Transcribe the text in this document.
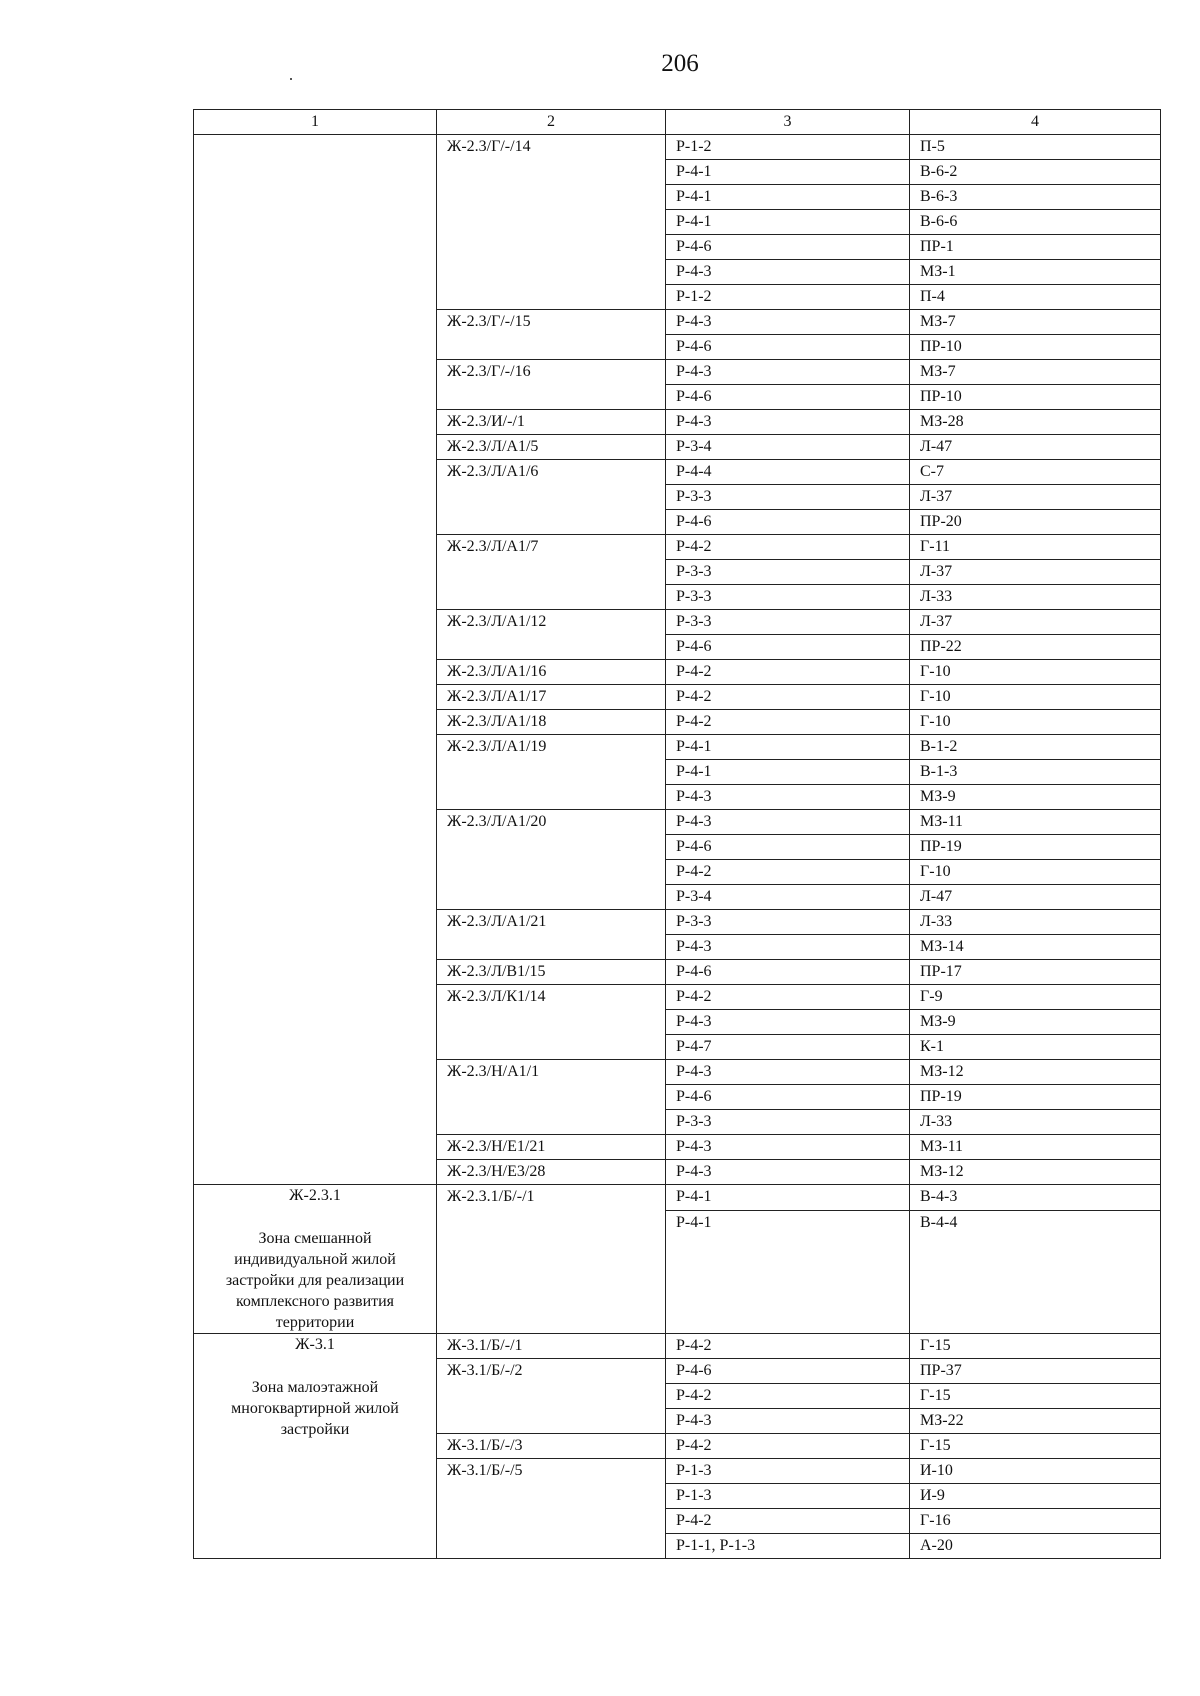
206
1	2	3	4

	Ж-2.3/Г/-/14	Р-1-2	П-5
		Р-4-1	В-6-2
		Р-4-1	В-6-3
		Р-4-1	В-6-6
		Р-4-6	ПР-1
		Р-4-3	МЗ-1
		Р-1-2	П-4
	Ж-2.3/Г/-/15	Р-4-3	МЗ-7
		Р-4-6	ПР-10
	Ж-2.3/Г/-/16	Р-4-3	МЗ-7
		Р-4-6	ПР-10
	Ж-2.3/И/-/1	Р-4-3	МЗ-28
	Ж-2.3/Л/А1/5	Р-3-4	Л-47
	Ж-2.3/Л/А1/6	Р-4-4	С-7
		Р-3-3	Л-37
		Р-4-6	ПР-20
	Ж-2.3/Л/А1/7	Р-4-2	Г-11
		Р-3-3	Л-37
		Р-3-3	Л-33
	Ж-2.3/Л/А1/12	Р-3-3	Л-37
		Р-4-6	ПР-22
	Ж-2.3/Л/А1/16	Р-4-2	Г-10
	Ж-2.3/Л/А1/17	Р-4-2	Г-10
	Ж-2.3/Л/А1/18	Р-4-2	Г-10
	Ж-2.3/Л/А1/19	Р-4-1	В-1-2
		Р-4-1	В-1-3
		Р-4-3	МЗ-9
	Ж-2.3/Л/А1/20	Р-4-3	МЗ-11
		Р-4-6	ПР-19
		Р-4-2	Г-10
		Р-3-4	Л-47
	Ж-2.3/Л/А1/21	Р-3-3	Л-33
		Р-4-3	МЗ-14
	Ж-2.3/Л/В1/15	Р-4-6	ПР-17
	Ж-2.3/Л/К1/14	Р-4-2	Г-9
		Р-4-3	МЗ-9
		Р-4-7	К-1
	Ж-2.3/Н/А1/1	Р-4-3	МЗ-12
		Р-4-6	ПР-19
		Р-3-3	Л-33
	Ж-2.3/Н/Е1/21	Р-4-3	МЗ-11
	Ж-2.3/Н/Е3/28	Р-4-3	МЗ-12

Ж-2.3.1
Зона смешанной индивидуальной жилой застройки для реализации комплексного развития территории	Ж-2.3.1/Б/-/1	Р-4-1	В-4-3
		Р-4-1	В-4-4

Ж-3.1
Зона малоэтажной многоквартирной жилой застройки	Ж-3.1/Б/-/1	Р-4-2	Г-15
	Ж-3.1/Б/-/2	Р-4-6	ПР-37
		Р-4-2	Г-15
		Р-4-3	МЗ-22
	Ж-3.1/Б/-/3	Р-4-2	Г-15
	Ж-3.1/Б/-/5	Р-1-3	И-10
		Р-1-3	И-9
		Р-4-2	Г-16
		Р-1-1, Р-1-3	А-20
